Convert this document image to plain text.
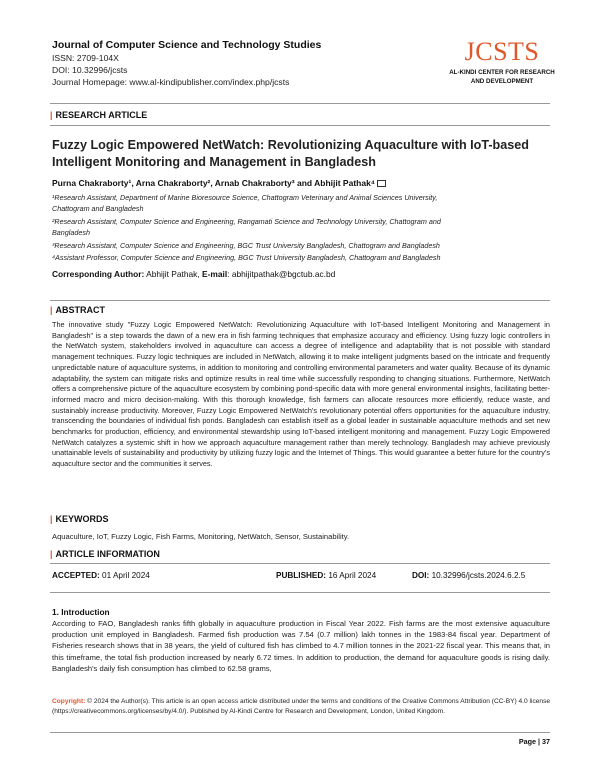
Journal of Computer Science and Technology Studies
ISSN: 2709-104X
DOI: 10.32996/jcsts
Journal Homepage: www.al-kindipublisher.com/index.php/jcsts
JCSTS
AL-KINDI CENTER FOR RESEARCH
AND DEVELOPMENT
| RESEARCH ARTICLE
Fuzzy Logic Empowered NetWatch: Revolutionizing Aquaculture with IoT-based
Intelligent Monitoring and Management in Bangladesh
Purna Chakraborty¹, Arna Chakraborty², Arnab Chakraborty³ and Abhijit Pathak⁴
¹Research Assistant, Department of Marine Bioresource Science, Chattogram Veterinary and Animal Sciences University,
Chattogram and Bangladesh
²Research Assistant, Computer Science and Engineering, Rangamati Science and Technology University, Chattogram and
Bangladesh
³Research Assistant, Computer Science and Engineering, BGC Trust University Bangladesh, Chattogram and Bangladesh
⁴Assistant Professor, Computer Science and Engineering, BGC Trust University Bangladesh, Chattogram and Bangladesh
Corresponding Author: Abhijit Pathak, E-mail: abhijitpathak@bgctub.ac.bd
| ABSTRACT
The innovative study "Fuzzy Logic Empowered NetWatch: Revolutionizing Aquaculture with IoT-based Intelligent Monitoring and Management in Bangladesh" is a step towards the dawn of a new era in fish farming techniques that emphasize accuracy and efficiency. Using fuzzy logic controllers in the NetWatch system, stakeholders involved in aquaculture can access a degree of intelligence and adaptability that is not possible with standard management techniques. Fuzzy logic techniques are included in NetWatch, allowing it to make intelligent judgments based on the intricate and frequently unpredictable nature of aquaculture systems, in addition to monitoring and controlling environmental parameters and water quality. Because of its dynamic adaptability, the system can mitigate risks and optimize results in real time while successfully responding to changing situations. Furthermore, NetWatch offers a comprehensive picture of the aquaculture ecosystem by combining pond-specific data with more general environmental insights, facilitating better-informed macro and micro decision-making. With this thorough knowledge, fish farmers can allocate resources more efficiently, reduce waste, and sustainably increase productivity. Moreover, Fuzzy Logic Empowered NetWatch's revolutionary potential offers opportunities for the aquaculture industry, transcending the boundaries of individual fish ponds. Bangladesh can establish itself as a global leader in sustainable aquaculture methods and set new benchmarks for production, efficiency, and environmental stewardship using IoT-based intelligent monitoring and management. Fuzzy Logic Empowered NetWatch catalyzes a systemic shift in how we approach aquaculture management rather than merely technology. Bangladesh may achieve previously unattainable levels of sustainability and productivity by utilizing fuzzy logic and the Internet of Things. This would guarantee a better future for the country's aquaculture sector and the communities it serves.
| KEYWORDS
Aquaculture, IoT, Fuzzy Logic, Fish Farms, Monitoring, NetWatch, Sensor, Sustainability.
| ARTICLE INFORMATION
ACCEPTED: 01 April 2024	PUBLISHED: 16 April 2024	DOI: 10.32996/jcsts.2024.6.2.5
1. Introduction
According to FAO, Bangladesh ranks fifth globally in aquaculture production in Fiscal Year 2022. Fish farms are the most extensive aquaculture production unit employed in Bangladesh. Farmed fish production was 7.54 (0.7 million) lakh tonnes in the 1983-84 fiscal year. Department of Fisheries research shows that in 38 years, the yield of cultured fish has climbed to 4.7 million tonnes in the 2021-22 fiscal year. This means that, in this timeframe, the total fish production increased by nearly 6.72 times. In addition to production, the demand for aquaculture goods is rising daily. Bangladesh's daily fish consumption has climbed to 62.58 grams,
Copyright: © 2024 the Author(s). This article is an open access article distributed under the terms and conditions of the Creative Commons Attribution (CC-BY) 4.0 license (https://creativecommons.org/licenses/by/4.0/). Published by Al-Kindi Centre for Research and Development, London, United Kingdom.
Page | 37
